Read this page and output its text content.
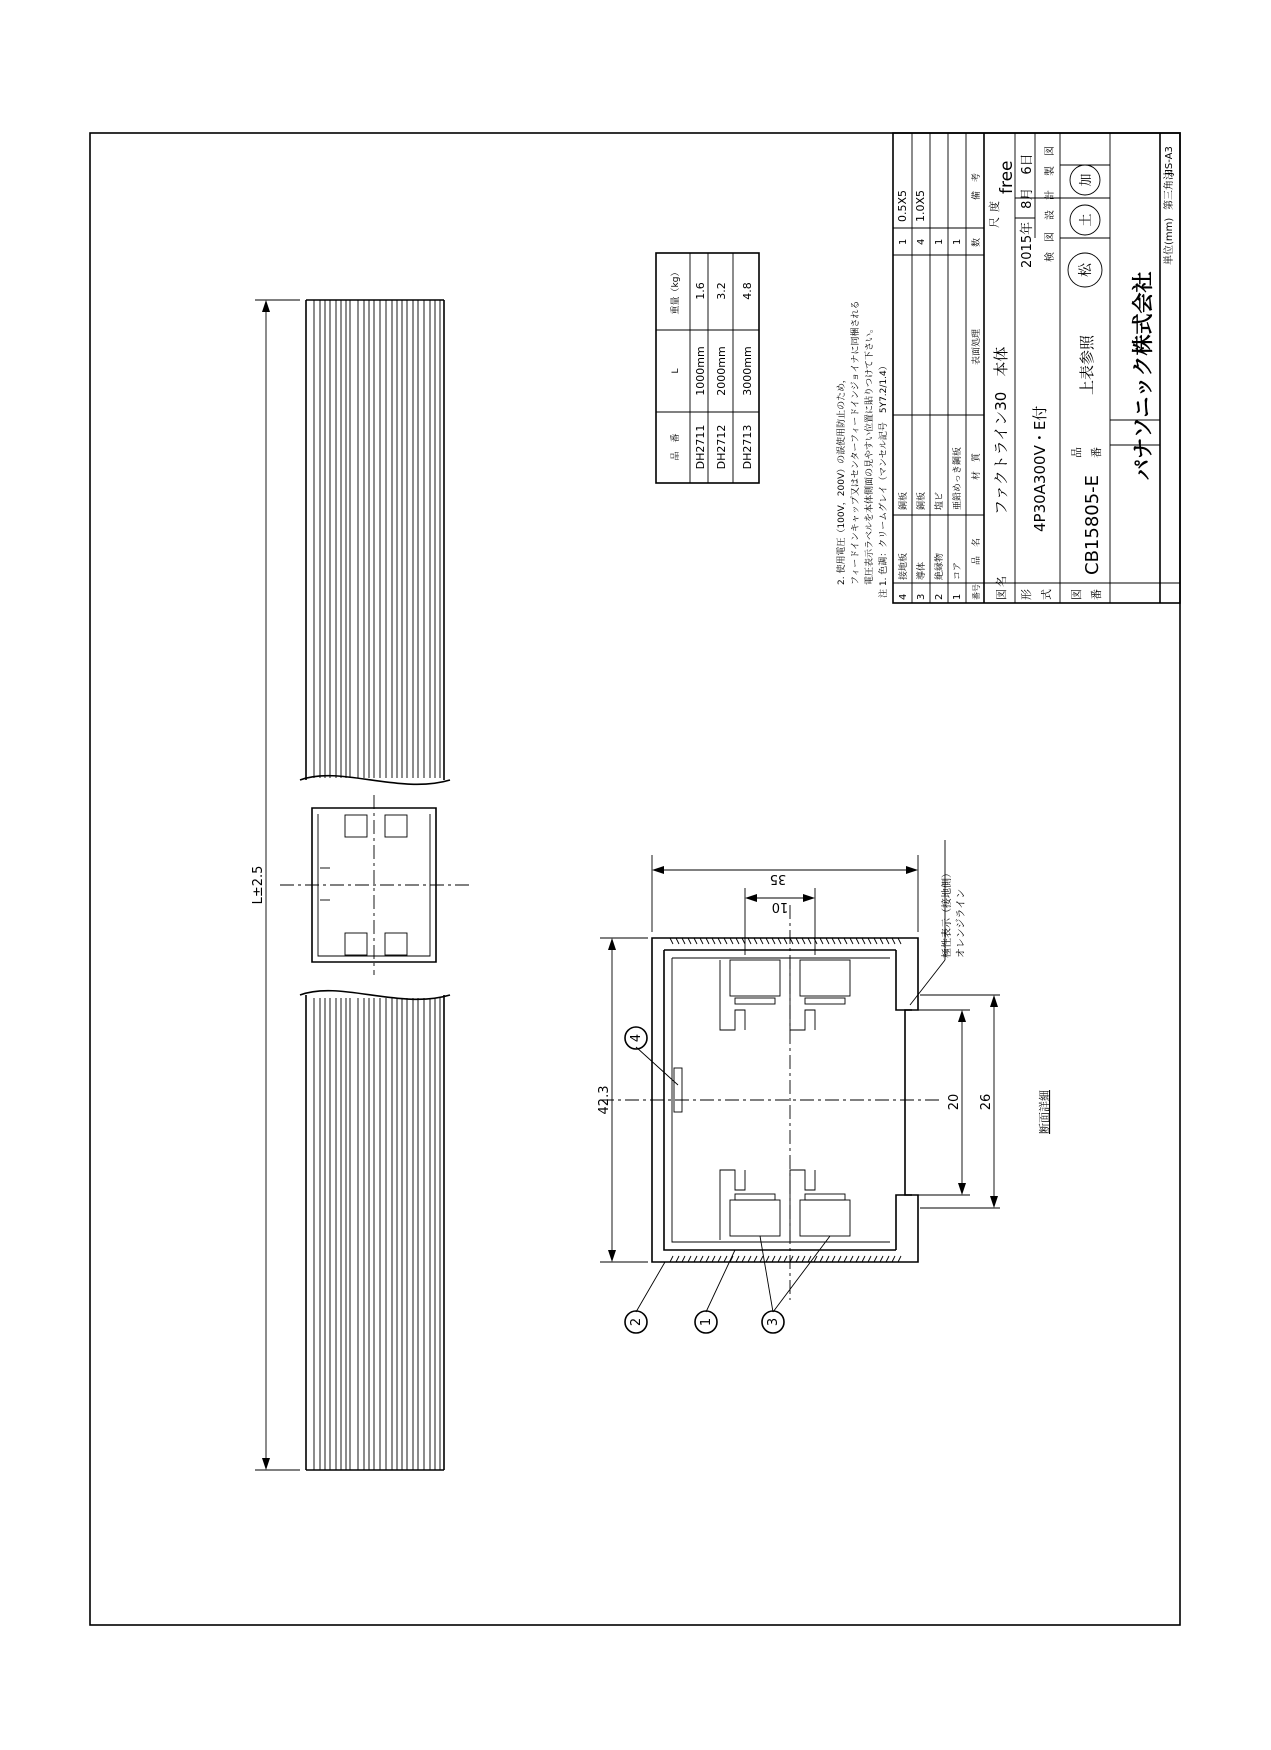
L±2.5
42.3
35
10
20 26
4
2	1	3
極性表示（接地側） オレンジライン
断面詳細
品　番
L
重量（kg）
DH2711
1000mm
1.6
DH2712
2000mm
3.2
DH2713
3000mm
4.8
注 1. 色調：クリームグレイ（マンセル記号　5Y7.2/1.4）
電圧表示ラベルを本体側面の見やすい位置に貼りつけて下さい。
フィードインキャップ又はセンターフィードインジョイナに同梱される
2. 使用電圧（100V，200V）の誤使用防止のため，
番号
品　名
材　質
表面処理
数
備　考
4
接地板
銅板
1
0.5X5
3
導体
銅板
4
1.0X5
2
絶縁物
塩ビ
1
1
コア
亜鉛めっき鋼板
1
図
名
ファクトライン30　本体
尺
度
free
形 式
4P30A300V・E付
2015年　8月　6日 検　図
設　計
製　図
図 番
CB15805-E
品 番
上表参照
松
土
加
パナソニック株式会社
単位(mm)
第三角法
JIS-A3
